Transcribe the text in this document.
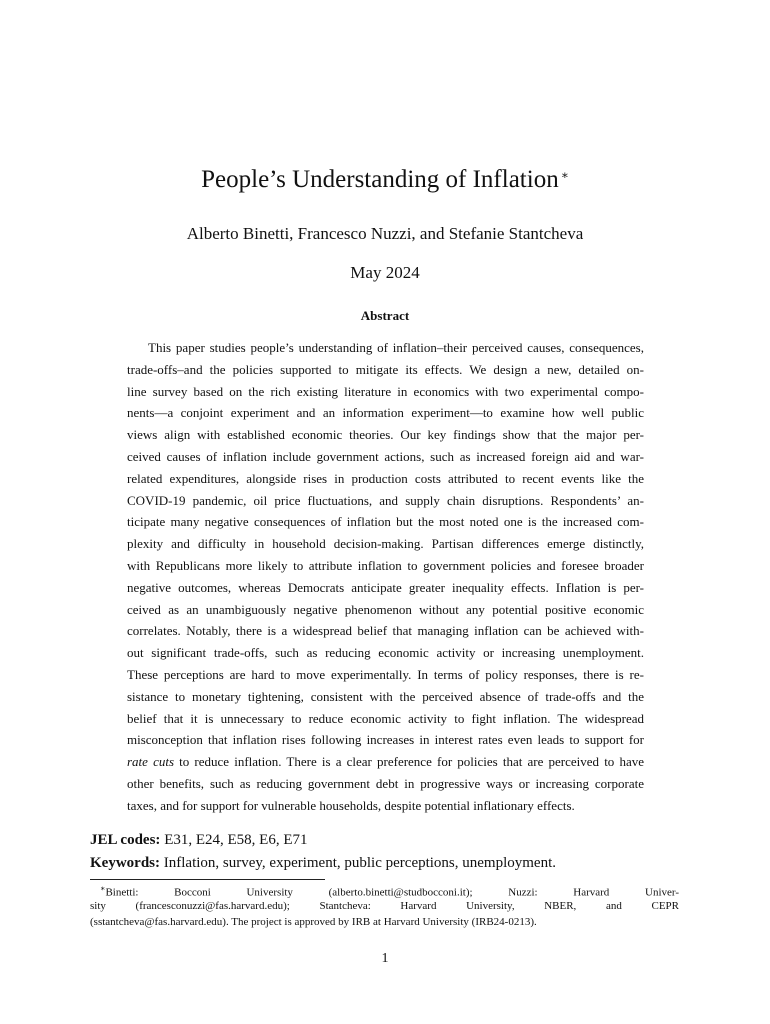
People’s Understanding of Inflation ∗
Alberto Binetti, Francesco Nuzzi, and Stefanie Stantcheva
May 2024
Abstract
This paper studies people’s understanding of inflation–their perceived causes, consequences,
trade-offs–and the policies supported to mitigate its effects. We design a new, detailed on-
line survey based on the rich existing literature in economics with two experimental compo-
nents—a conjoint experiment and an information experiment—to examine how well public
views align with established economic theories. Our key findings show that the major per-
ceived causes of inflation include government actions, such as increased foreign aid and war-
related expenditures, alongside rises in production costs attributed to recent events like the
COVID-19 pandemic, oil price fluctuations, and supply chain disruptions. Respondents’ an-
ticipate many negative consequences of inflation but the most noted one is the increased com-
plexity and difficulty in household decision-making. Partisan differences emerge distinctly,
with Republicans more likely to attribute inflation to government policies and foresee broader
negative outcomes, whereas Democrats anticipate greater inequality effects. Inflation is per-
ceived as an unambiguously negative phenomenon without any potential positive economic
correlates. Notably, there is a widespread belief that managing inflation can be achieved with-
out significant trade-offs, such as reducing economic activity or increasing unemployment.
These perceptions are hard to move experimentally. In terms of policy responses, there is re-
sistance to monetary tightening, consistent with the perceived absence of trade-offs and the
belief that it is unnecessary to reduce economic activity to fight inflation. The widespread
misconception that inflation rises following increases in interest rates even leads to support for
rate cuts to reduce inflation. There is a clear preference for policies that are perceived to have
other benefits, such as reducing government debt in progressive ways or increasing corporate
taxes, and for support for vulnerable households, despite potential inflationary effects.
JEL codes: E31, E24, E58, E6, E71
Keywords: Inflation, survey, experiment, public perceptions, unemployment.
∗Binetti: Bocconi University (alberto.binetti@studbocconi.it); Nuzzi: Harvard Univer-
sity (francesconuzzi@fas.harvard.edu); Stantcheva: Harvard University, NBER, and CEPR
(sstantcheva@fas.harvard.edu). The project is approved by IRB at Harvard University (IRB24-0213).
1
